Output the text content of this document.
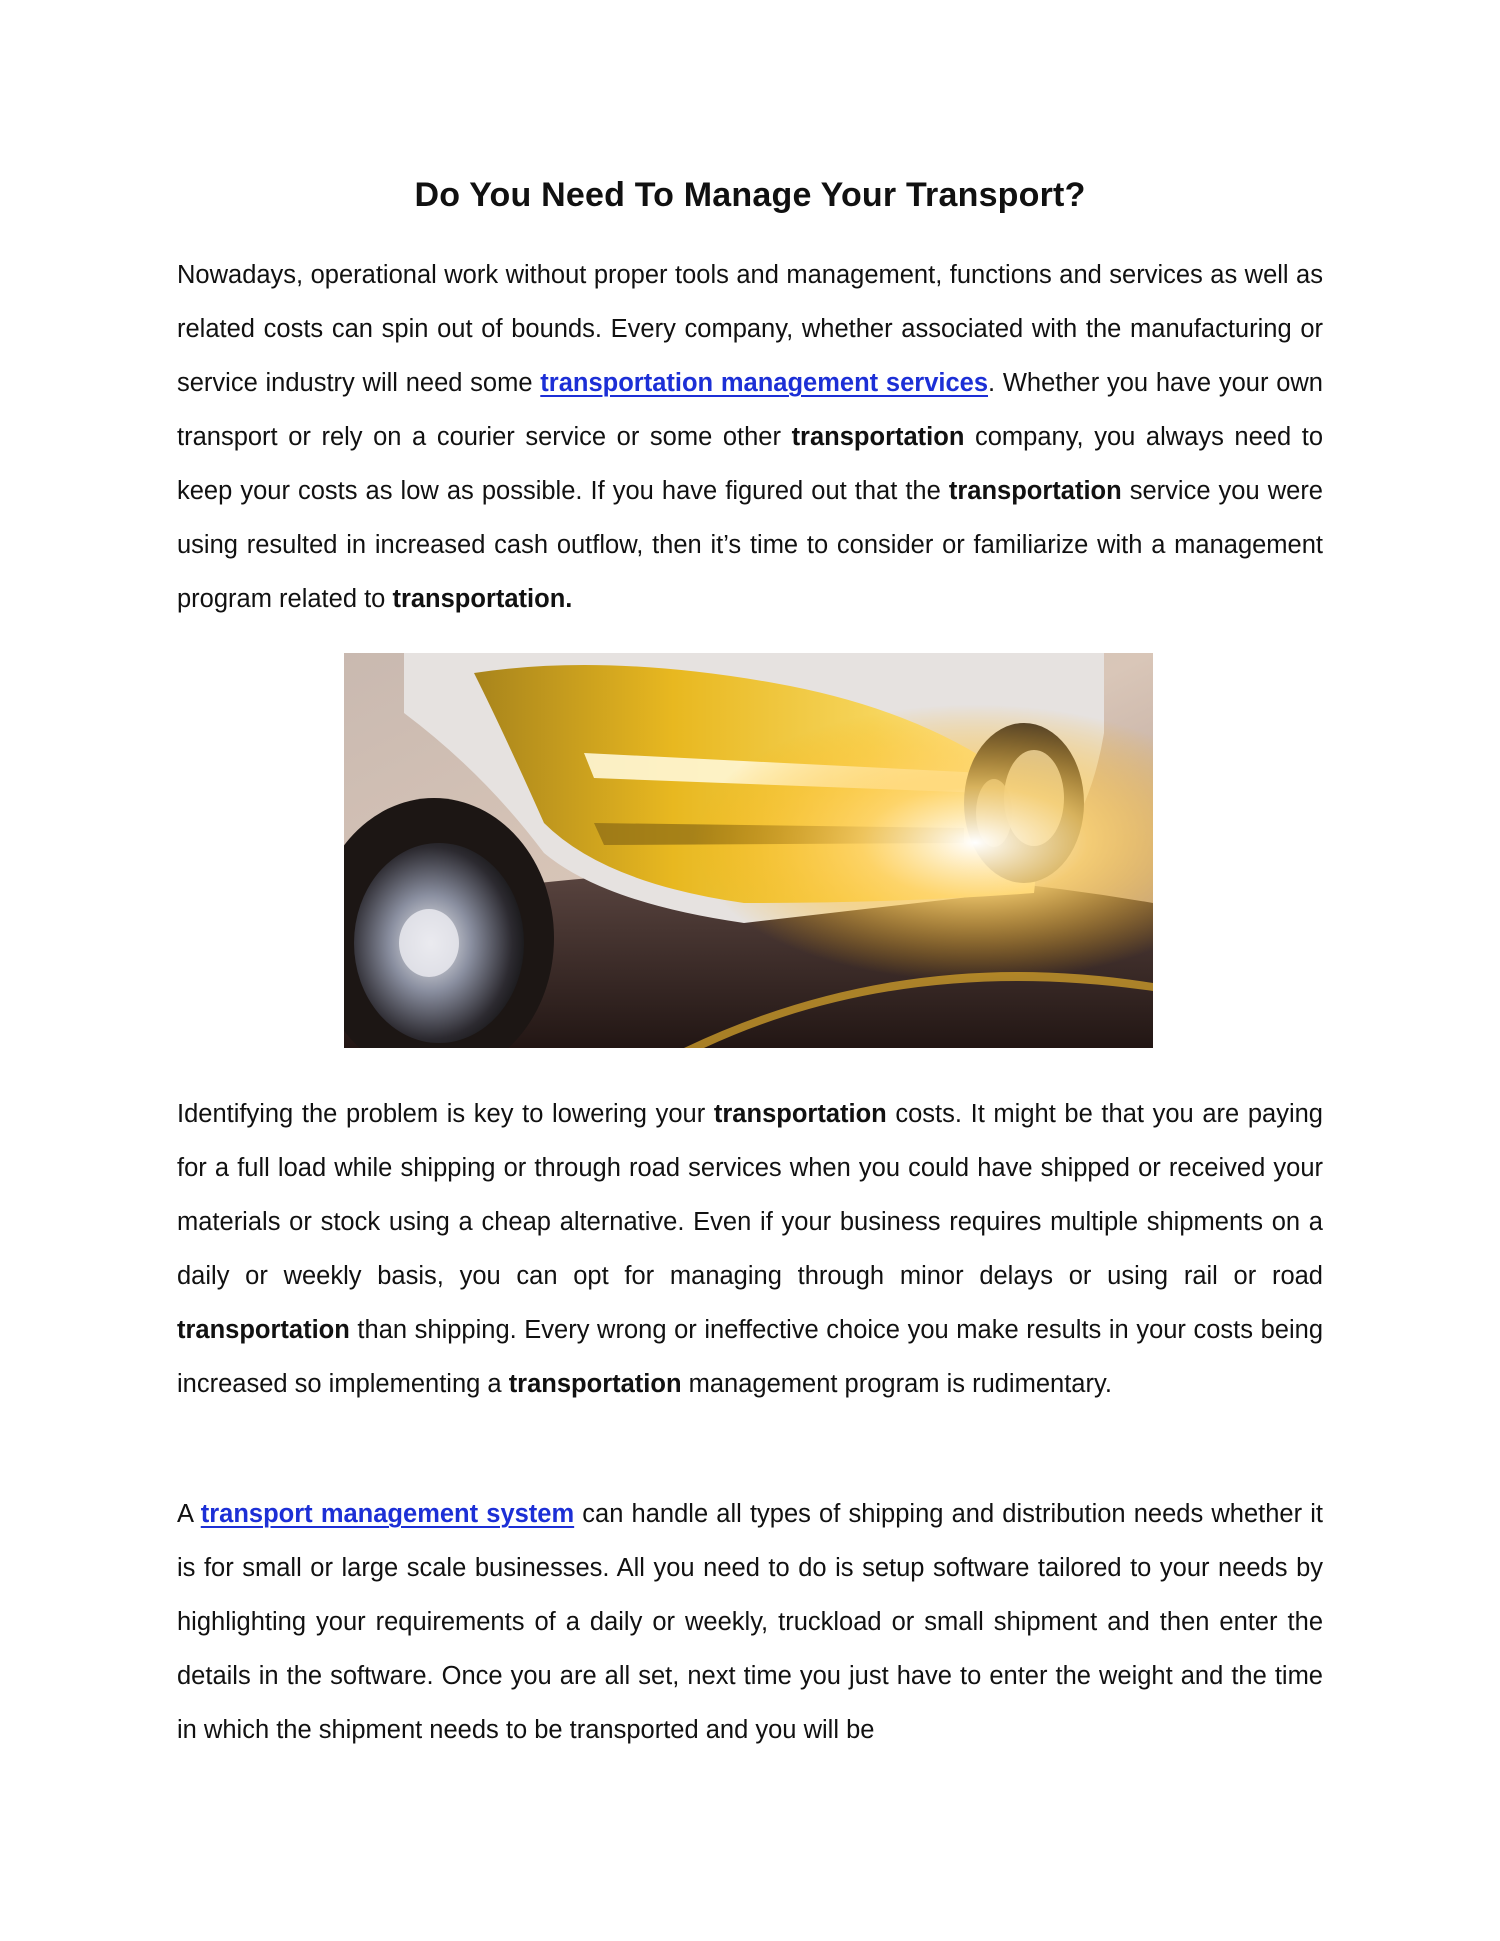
Do You Need To Manage Your Transport?

Nowadays, operational work without proper tools and management, functions and services as well as related costs can spin out of bounds. Every company, whether associated with the manufacturing or service industry will need some transportation management services. Whether you have your own transport or rely on a courier service or some other transportation company, you always need to keep your costs as low as possible. If you have figured out that the transportation service you were using resulted in increased cash outflow, then it’s time to consider or familiarize with a management program related to transportation.

Identifying the problem is key to lowering your transportation costs. It might be that you are paying for a full load while shipping or through road services when you could have shipped or received your materials or stock using a cheap alternative. Even if your business requires multiple shipments on a daily or weekly basis, you can opt for managing through minor delays or using rail or road transportation than shipping. Every wrong or ineffective choice you make results in your costs being increased so implementing a transportation management program is rudimentary.

A transport management system can handle all types of shipping and distribution needs whether it is for small or large scale businesses. All you need to do is setup software tailored to your needs by highlighting your requirements of a daily or weekly, truckload or small shipment and then enter the details in the software. Once you are all set, next time you just have to enter the weight and the time in which the shipment needs to be transported and you will be
